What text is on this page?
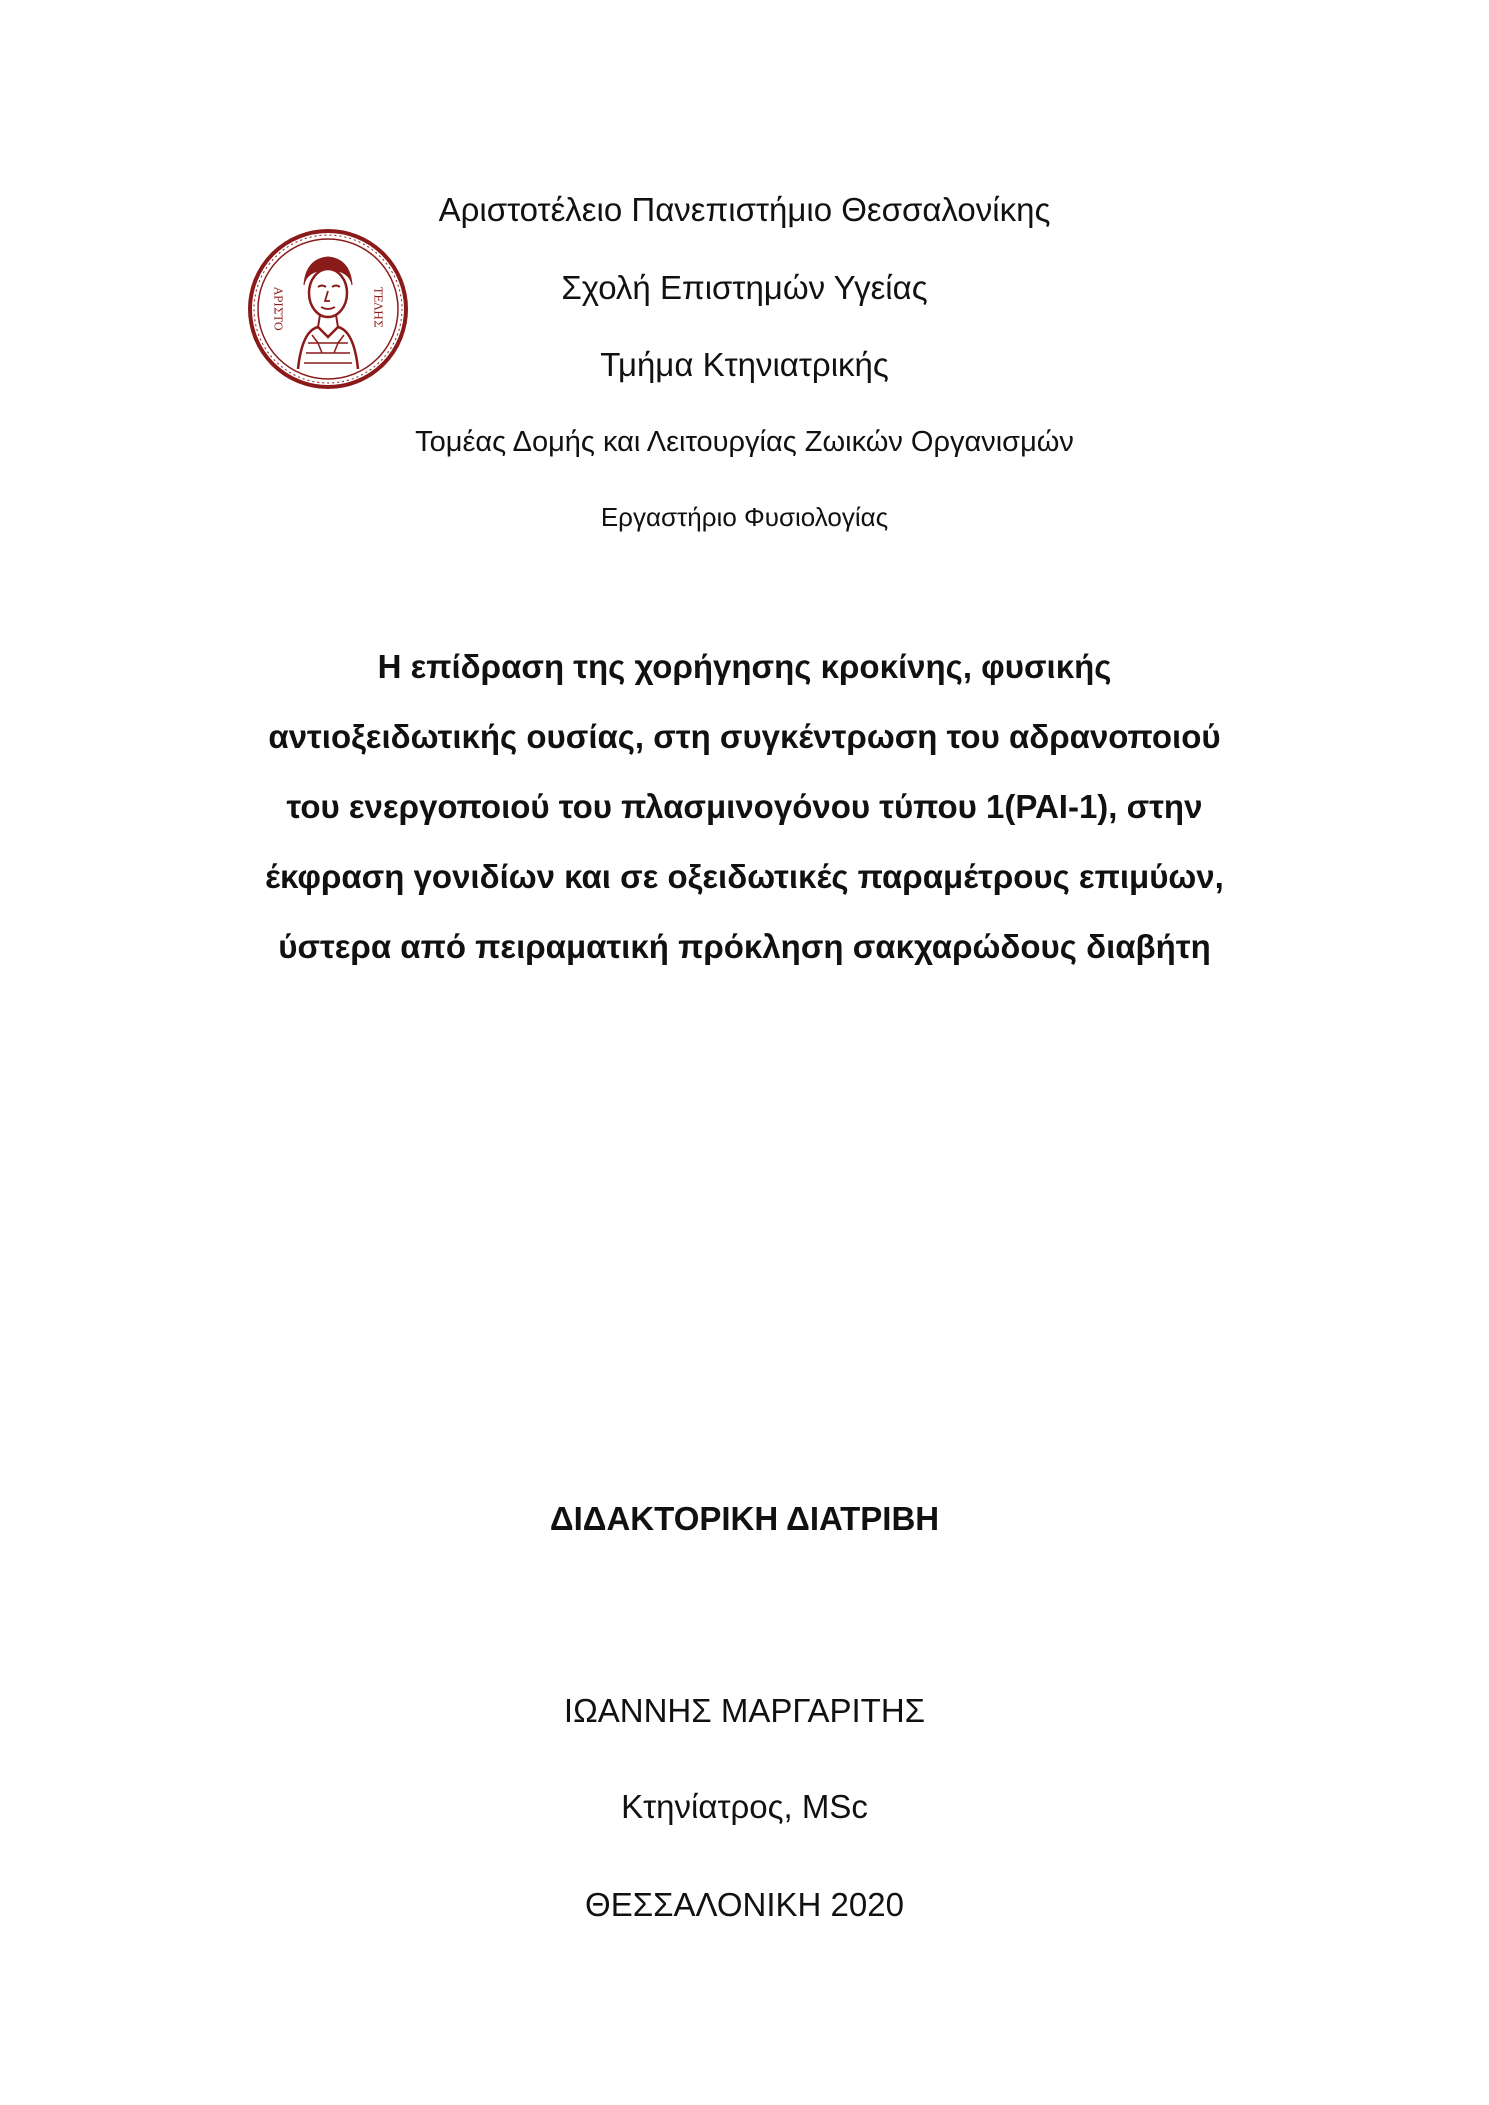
ΑΡΙΣΤΟ	ΤΕΛΗΣ
Αριστοτέλειο Πανεπιστήμιο Θεσσαλονίκης
Σχολή Επιστημών Υγείας
Τμήμα Κτηνιατρικής
Τομέας Δομής και Λειτουργίας Ζωικών Οργανισμών
Εργαστήριο Φυσιολογίας
Η επίδραση της χορήγησης κροκίνης, φυσικής
αντιοξειδωτικής ουσίας, στη συγκέντρωση του αδρανοποιού
του ενεργοποιού του πλασμινογόνου τύπου 1(PAI-1), στην
έκφραση γονιδίων και σε οξειδωτικές παραμέτρους επιμύων,
ύστερα από πειραματική πρόκληση σακχαρώδους διαβήτη
ΔΙΔΑΚΤΟΡΙΚΗ ΔΙΑΤΡΙΒΗ
ΙΩΑΝΝΗΣ ΜΑΡΓΑΡΙΤΗΣ
Κτηνίατρος, MSc
ΘΕΣΣΑΛΟΝΙΚΗ 2020
